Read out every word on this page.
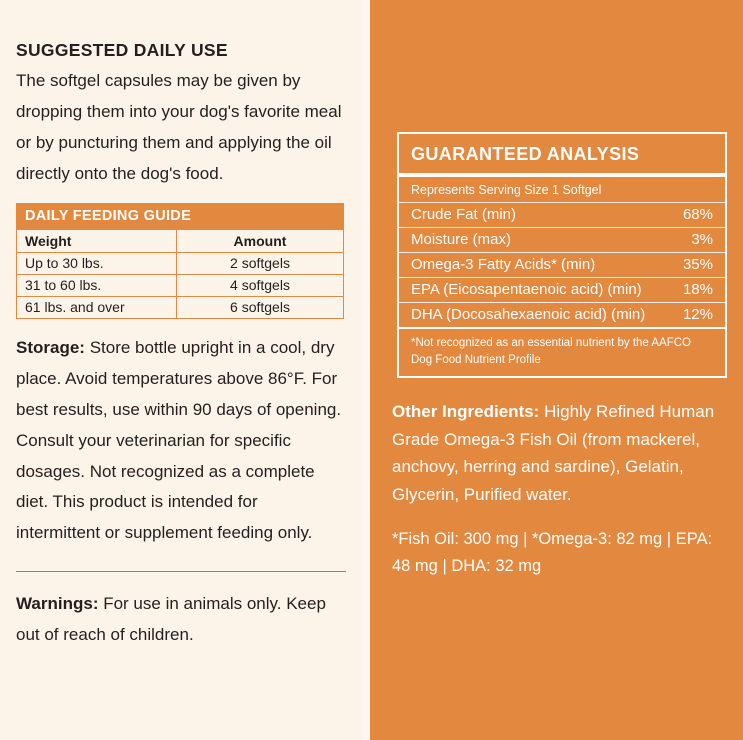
SUGGESTED DAILY USE

The softgel capsules may be given by dropping them into your dog's favorite meal or by puncturing them and applying the oil directly onto the dog's food.

DAILY FEEDING GUIDE	
Weight	Amount
Up to 30 lbs.	2 softgels
31 to 60 lbs.	4 softgels
61 lbs. and over	6 softgels

Storage: Store bottle upright in a cool, dry place. Avoid temperatures above 86°F. For best results, use within 90 days of opening. Consult your veterinarian for specific dosages. Not recognized as a complete diet. This product is intended for intermittent or supplement feeding only.

Warnings: For use in animals only. Keep out of reach of children.

GUARANTEED ANALYSIS
Represents Serving Size 1 Softgel
Crude Fat (min)	68%
Moisture (max)	3%
Omega-3 Fatty Acids* (min)	35%
EPA (Eicosapentaenoic acid) (min)	18%
DHA (Docosahexaenoic acid) (min)	12%
*Not recognized as an essential nutrient by the AAFCO Dog Food Nutrient Profile

Other Ingredients: Highly Refined Human Grade Omega-3 Fish Oil (from mackerel, anchovy, herring and sardine), Gelatin, Glycerin, Purified water.

*Fish Oil: 300 mg | *Omega-3: 82 mg | EPA: 48 mg | DHA: 32 mg
